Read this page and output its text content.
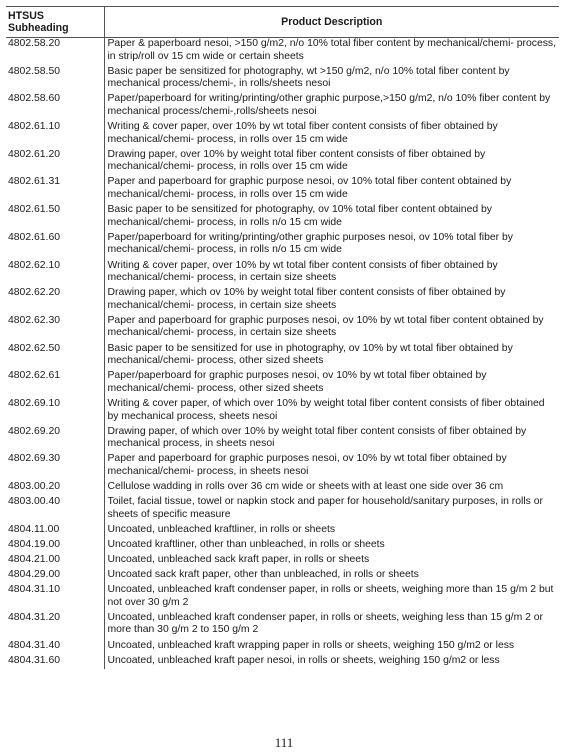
HTSUS
Subheading	Product Description
4802.58.20	Paper & paperboard nesoi, >150 g/m2, n/o 10% total fiber content by mechanical/chemi- process, in strip/roll ov 15 cm wide or certain sheets
4802.58.50	Basic paper be sensitized for photography, wt >150 g/m2, n/o 10% total fiber content by mechanical process/chemi-, in rolls/sheets nesoi
4802.58.60	Paper/paperboard for writing/printing/other graphic purpose,>150 g/m2, n/o 10% fiber content by mechanical process/chemi-,rolls/sheets nesoi
4802.61.10	Writing & cover paper, over 10% by wt total fiber content consists of fiber obtained by mechanical/chemi- process, in rolls over 15 cm wide
4802.61.20	Drawing paper, over 10% by weight total fiber content consists of fiber obtained by mechanical/chemi- process, in rolls over 15 cm wide
4802.61.31	Paper and paperboard for graphic purpose nesoi, ov 10% total fiber content obtained by mechanical/chemi- process, in rolls over 15 cm wide
4802.61.50	Basic paper to be sensitized for photography, ov 10% total fiber content obtained by mechanical/chemi- process, in rolls n/o 15 cm wide
4802.61.60	Paper/paperboard for writing/printing/other graphic purposes nesoi, ov 10% total fiber by mechanical/chemi- process, in rolls n/o 15 cm wide
4802.62.10	Writing & cover paper, over 10% by wt total fiber content consists of fiber obtained by mechanical/chemi- process, in certain size sheets
4802.62.20	Drawing paper, which ov 10% by weight total fiber content consists of fiber obtained by mechanical/chemi- process, in certain size sheets
4802.62.30	Paper and paperboard for graphic purposes nesoi, ov 10% by wt total fiber content obtained by mechanical/chemi- process, in certain size sheets
4802.62.50	Basic paper to be sensitized for use in photography, ov 10% by wt total fiber obtained by mechanical/chemi- process, other sized sheets
4802.62.61	Paper/paperboard for graphic purposes nesoi, ov 10% by wt total fiber obtained by mechanical/chemi- process, other sized sheets
4802.69.10	Writing & cover paper, of which over 10% by weight total fiber content consists of fiber obtained by mechanical process, sheets nesoi
4802.69.20	Drawing paper, of which over 10% by weight total fiber content consists of fiber obtained by mechanical process, in sheets nesoi
4802.69.30	Paper and paperboard for graphic purposes nesoi, ov 10% by wt total fiber obtained by mechanical/chemi- process, in sheets nesoi
4803.00.20	Cellulose wadding in rolls over 36 cm wide or sheets with at least one side over 36 cm
4803.00.40	Toilet, facial tissue, towel or napkin stock and paper for household/sanitary purposes, in rolls or sheets of specific measure
4804.11.00	Uncoated, unbleached kraftliner, in rolls or sheets
4804.19.00	Uncoated kraftliner, other than unbleached, in rolls or sheets
4804.21.00	Uncoated, unbleached sack kraft paper, in rolls or sheets
4804.29.00	Uncoated sack kraft paper, other than unbleached, in rolls or sheets
4804.31.10	Uncoated, unbleached kraft condenser paper, in rolls or sheets, weighing more than 15 g/m 2 but not over 30 g/m 2
4804.31.20	Uncoated, unbleached kraft condenser paper, in rolls or sheets, weighing less than 15 g/m 2 or more than 30 g/m 2 to 150 g/m 2
4804.31.40	Uncoated, unbleached kraft wrapping paper in rolls or sheets, weighing 150 g/m2 or less
4804.31.60	Uncoated, unbleached kraft paper nesoi, in rolls or sheets, weighing 150 g/m2 or less
111
